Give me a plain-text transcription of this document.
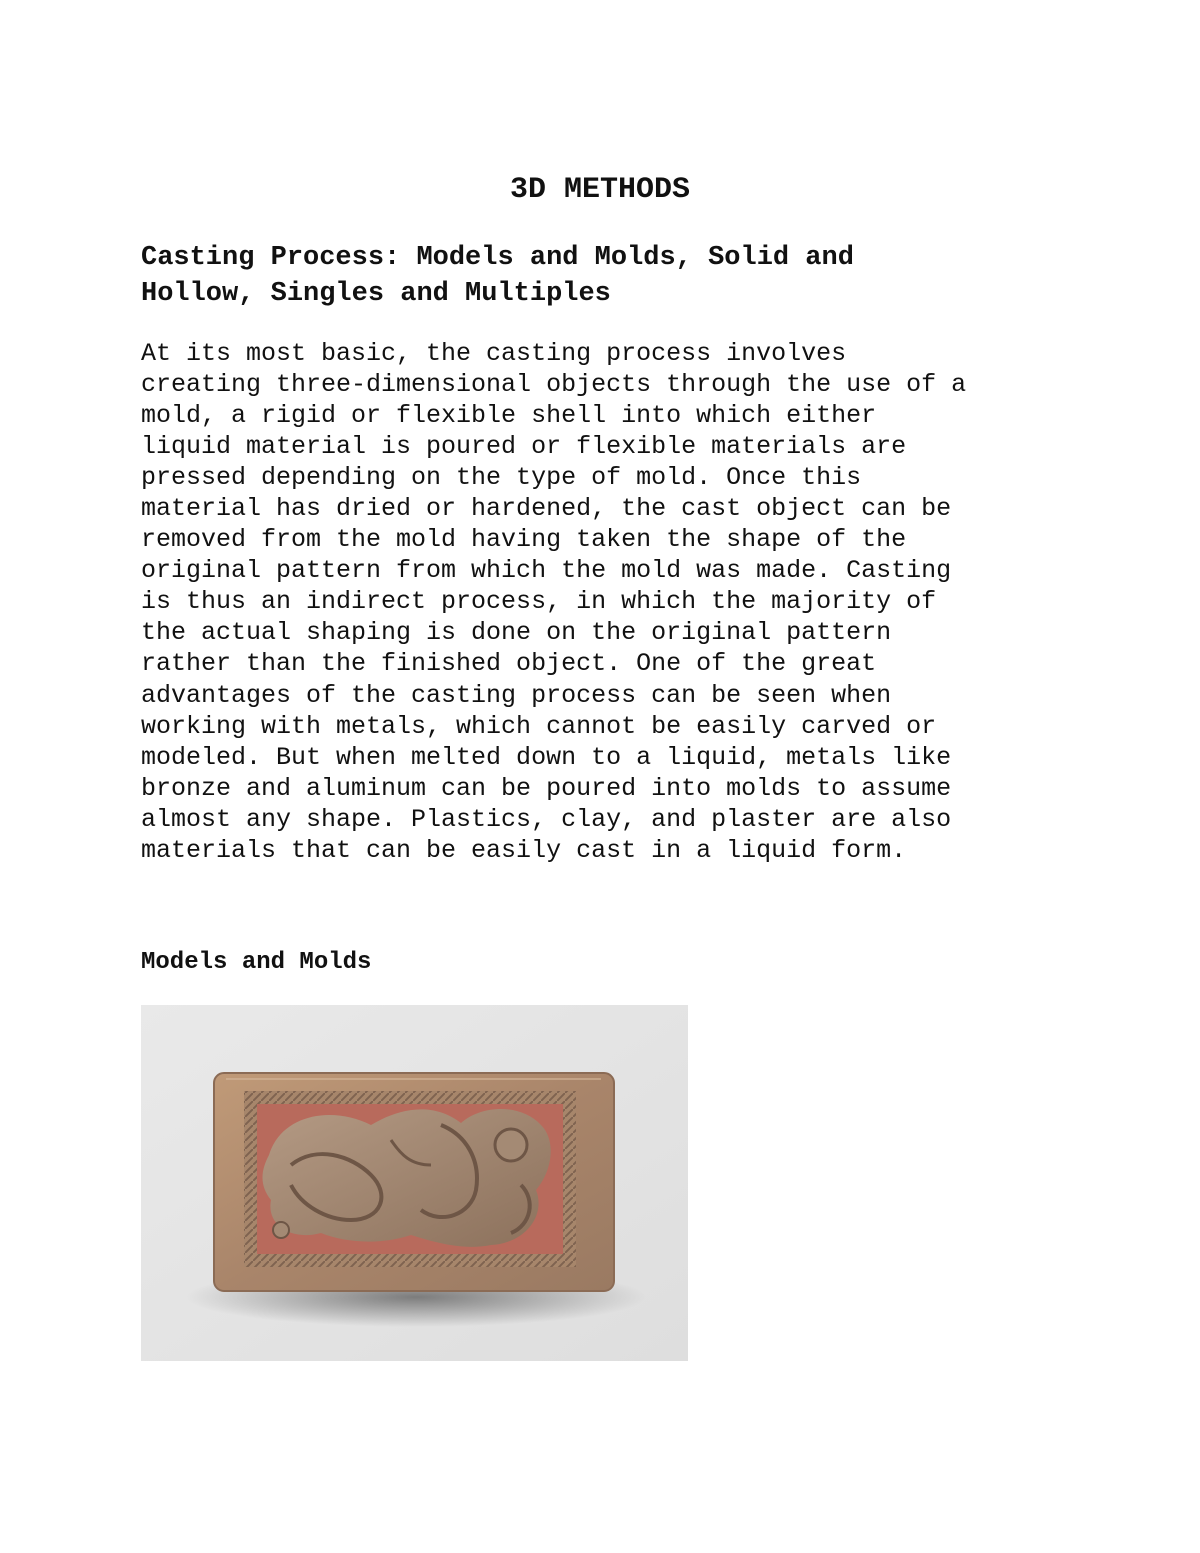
3D METHODS
Casting Process: Models and Molds, Solid and
Hollow, Singles and Multiples
At its most basic, the casting process involves
creating three-dimensional objects through the use of a
mold, a rigid or flexible shell into which either
liquid material is poured or flexible materials are
pressed depending on the type of mold. Once this
material has dried or hardened, the cast object can be
removed from the mold having taken the shape of the
original pattern from which the mold was made. Casting
is thus an indirect process, in which the majority of
the actual shaping is done on the original pattern
rather than the finished object. One of the great
advantages of the casting process can be seen when
working with metals, which cannot be easily carved or
modeled. But when melted down to a liquid, metals like
bronze and aluminum can be poured into molds to assume
almost any shape. Plastics, clay, and plaster are also
materials that can be easily cast in a liquid form.
Models and Molds
